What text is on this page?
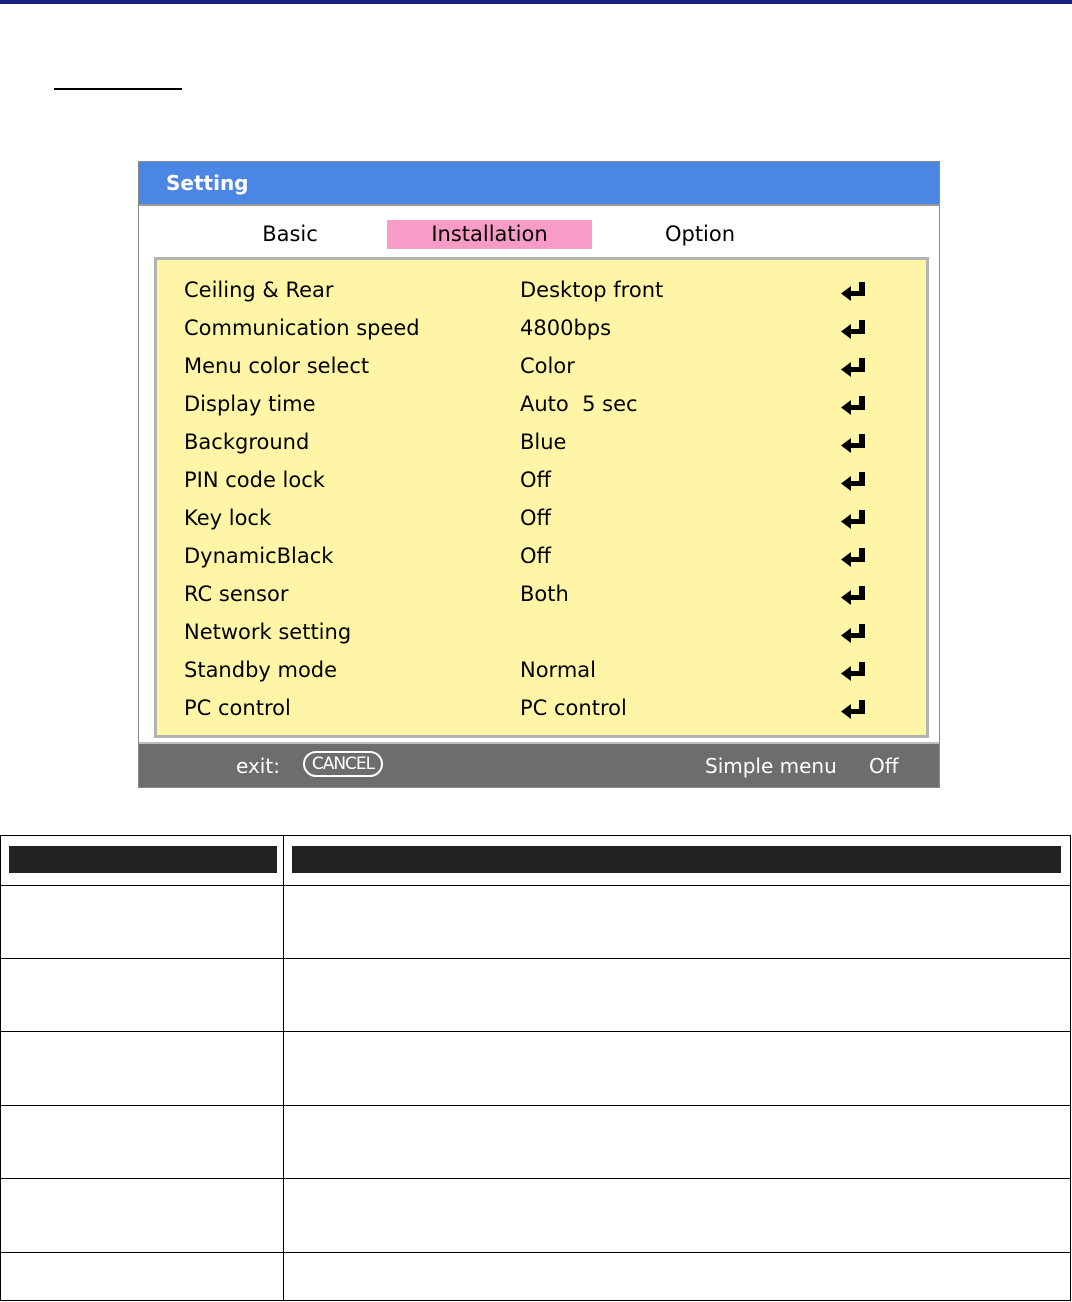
Setting
Basic	Installation	Option
Ceiling & Rear	Desktop front
Communication speed	4800bps
Menu color select	Color
Display time	Auto  5 sec
Background	Blue
PIN code lock	Off
Key lock	Off
DynamicBlack	Off
RC sensor	Both
Network setting
Standby mode	Normal
PC control	PC control
exit:	CANCEL	Simple menu Off
